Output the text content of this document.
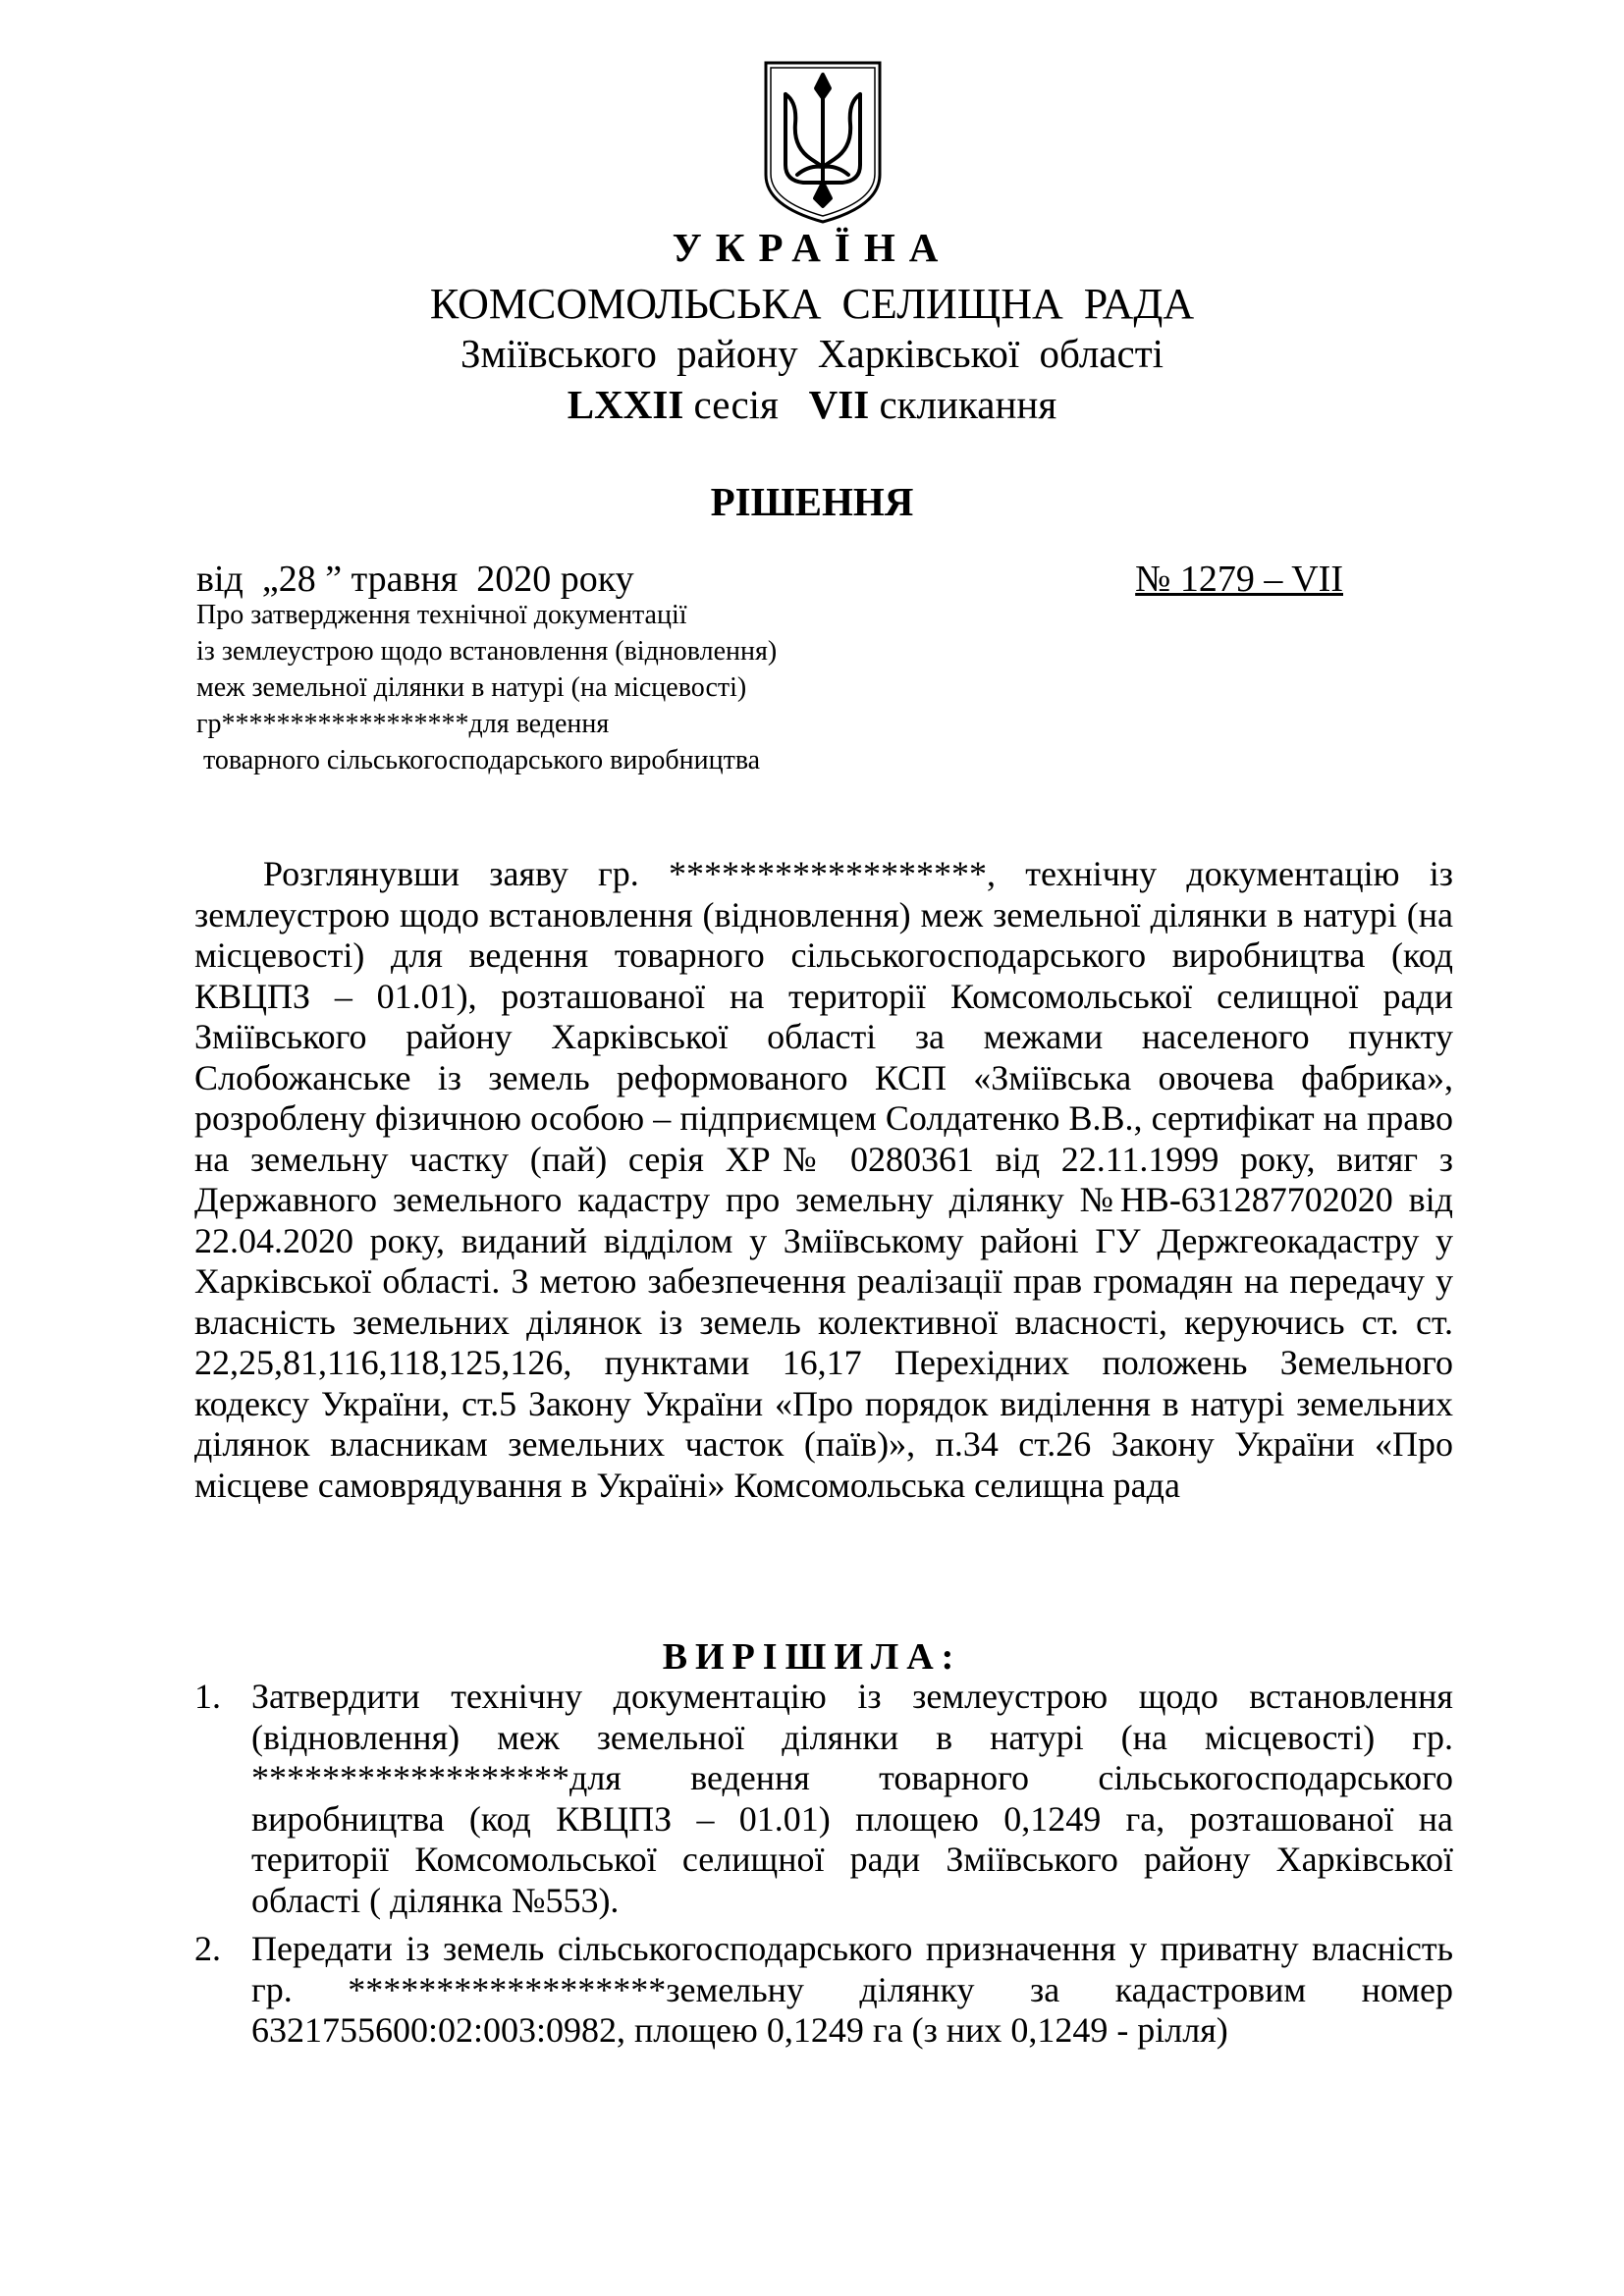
УКРАЇНА
КОМСОМОЛЬСЬКА СЕЛИЩНА РАДА
Зміївського району Харківської області
LXXII сесія   VII скликання
РІШЕННЯ
від  „28 ” травня  2020 року	№ 1279 – VII
Про затвердження технічної документації
із землеустрою щодо встановлення (відновлення)
меж земельної ділянки в натурі (на місцевості)
гр******************для ведення
товарного сільськогосподарського виробництва

Розглянувши заяву гр. ******************, технічну документацію із землеустрою щодо встановлення (відновлення) меж земельної ділянки в натурі (на місцевості) для ведення товарного сільськогосподарського виробництва (код КВЦПЗ – 01.01), розташованої на території Комсомольської селищної ради Зміївського району Харківської області за межами населеного пункту Слобожанське із земель реформованого КСП «Зміївська овочева фабрика», розроблену фізичною особою – підприємцем Солдатенко В.В., сертифікат на право на земельну частку (пай) серія ХР№ 0280361 від 22.11.1999 року, витяг з Державного земельного кадастру про земельну ділянку №НВ-631287702020 від 22.04.2020 року, виданий відділом у Зміївському районі ГУ Держгеокадастру у Харківської області. З метою забезпечення реалізації прав громадян на передачу у власність земельних ділянок із земель колективної власності, керуючись ст. ст. 22,25,81,116,118,125,126, пунктами 16,17 Перехідних положень Земельного кодексу України, ст.5 Закону України «Про порядок виділення в натурі земельних ділянок власникам земельних часток (паїв)», п.34 ст.26 Закону України «Про місцеве самоврядування в Україні» Комсомольська селищна рада

ВИРІШИЛА:
1. Затвердити технічну документацію із землеустрою щодо встановлення (відновлення) меж земельної ділянки в натурі (на місцевості) гр. ******************для ведення товарного сільськогосподарського виробництва (код КВЦПЗ – 01.01) площею 0,1249 га, розташованої на території Комсомольської селищної ради Зміївського району Харківської області ( ділянка №553).
2. Передати із земель сільськогосподарського призначення у приватну власність гр. ******************земельну ділянку за кадастровим номер 6321755600:02:003:0982, площею 0,1249 га (з них 0,1249 - рілля)
